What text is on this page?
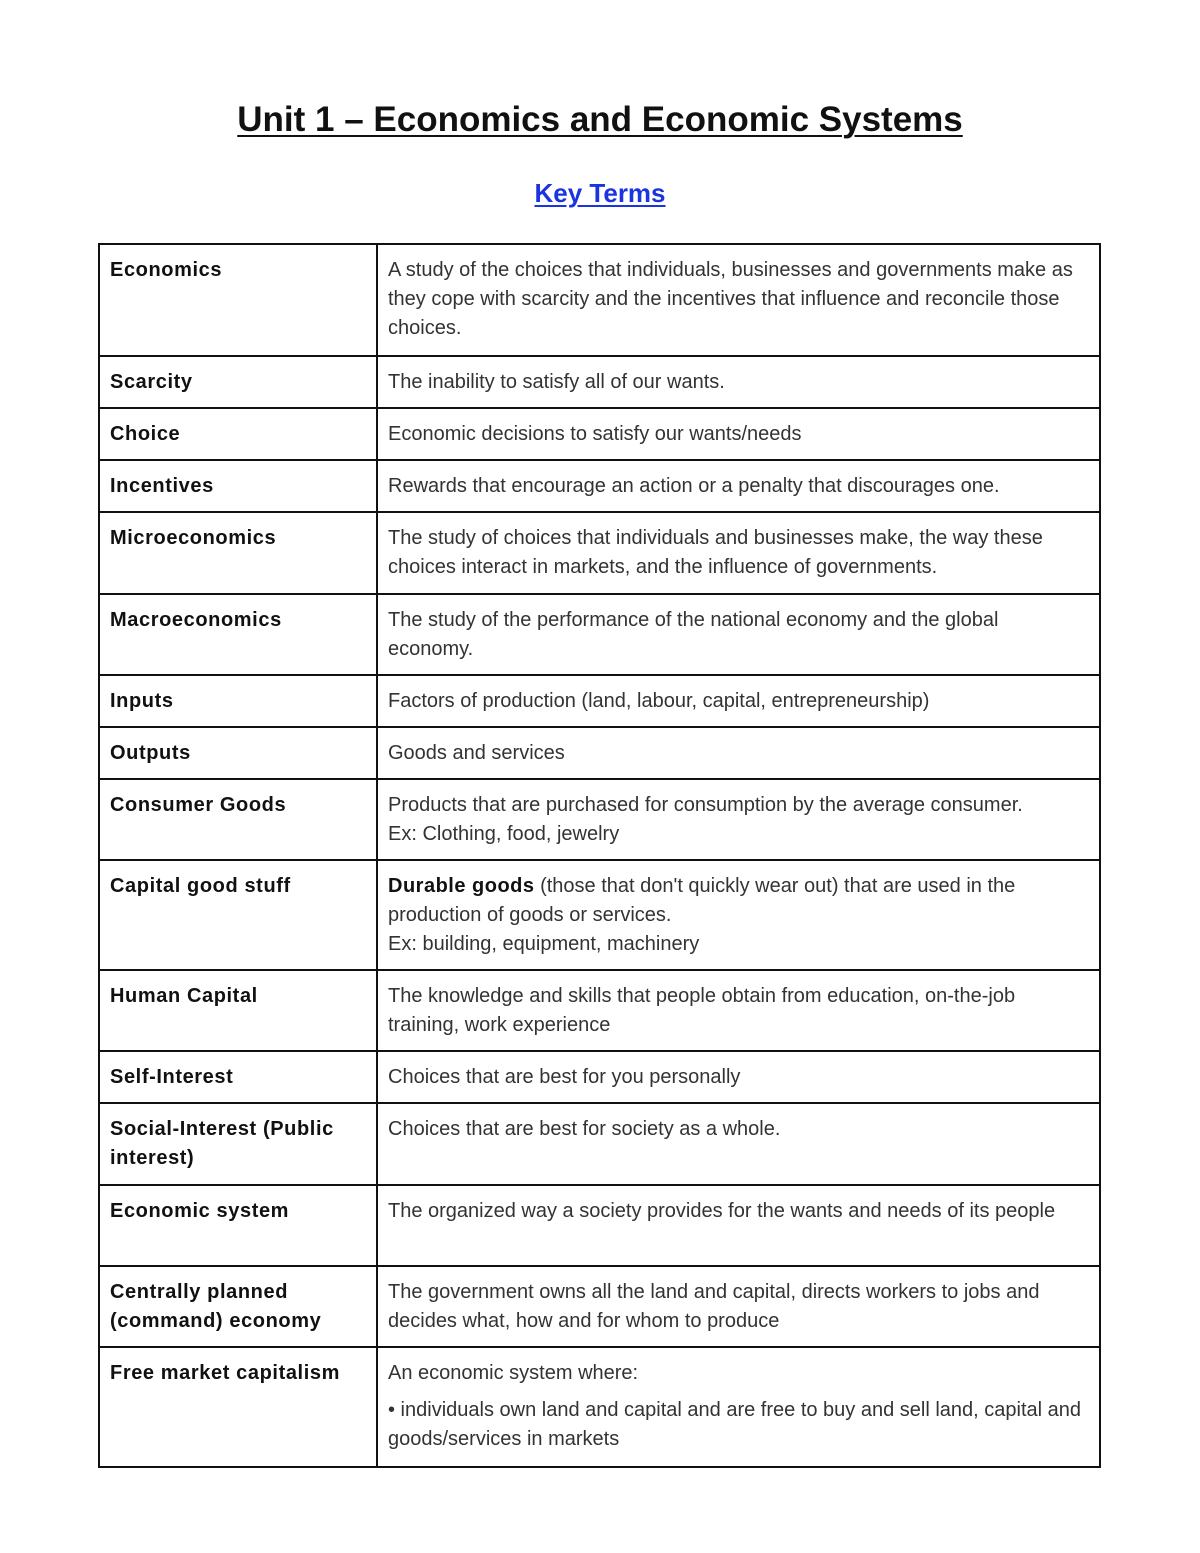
Unit 1 – Economics and Economic Systems
Key Terms
Economics	A study of the choices that individuals, businesses and governments make as they cope with scarcity and the incentives that influence and reconcile those choices.
Scarcity	The inability to satisfy all of our wants.
Choice	Economic decisions to satisfy our wants/needs
Incentives	Rewards that encourage an action or a penalty that discourages one.
Microeconomics	The study of choices that individuals and businesses make, the way these choices interact in markets, and the influence of governments.
Macroeconomics	The study of the performance of the national economy and the global economy.
Inputs	Factors of production (land, labour, capital, entrepreneurship)
Outputs	Goods and services
Consumer Goods	Products that are purchased for consumption by the average consumer.
Ex: Clothing, food, jewelry

Capital good stuff	Durable goods (those that don't quickly wear out) that are used in the production of goods or services.
Ex: building, equipment, machinery

Human Capital	The knowledge and skills that people obtain from education, on-the-job training, work experience
Self-Interest	Choices that are best for you personally
Social-Interest (Public interest)	Choices that are best for society as a whole.
Economic system	The organized way a society provides for the wants and needs of its people
Centrally planned (command) economy	The government owns all the land and capital, directs workers to jobs and decides what, how and for whom to produce
Free market capitalism	An economic system where:
• individuals own land and capital and are free to buy and sell land, capital and goods/services in markets
